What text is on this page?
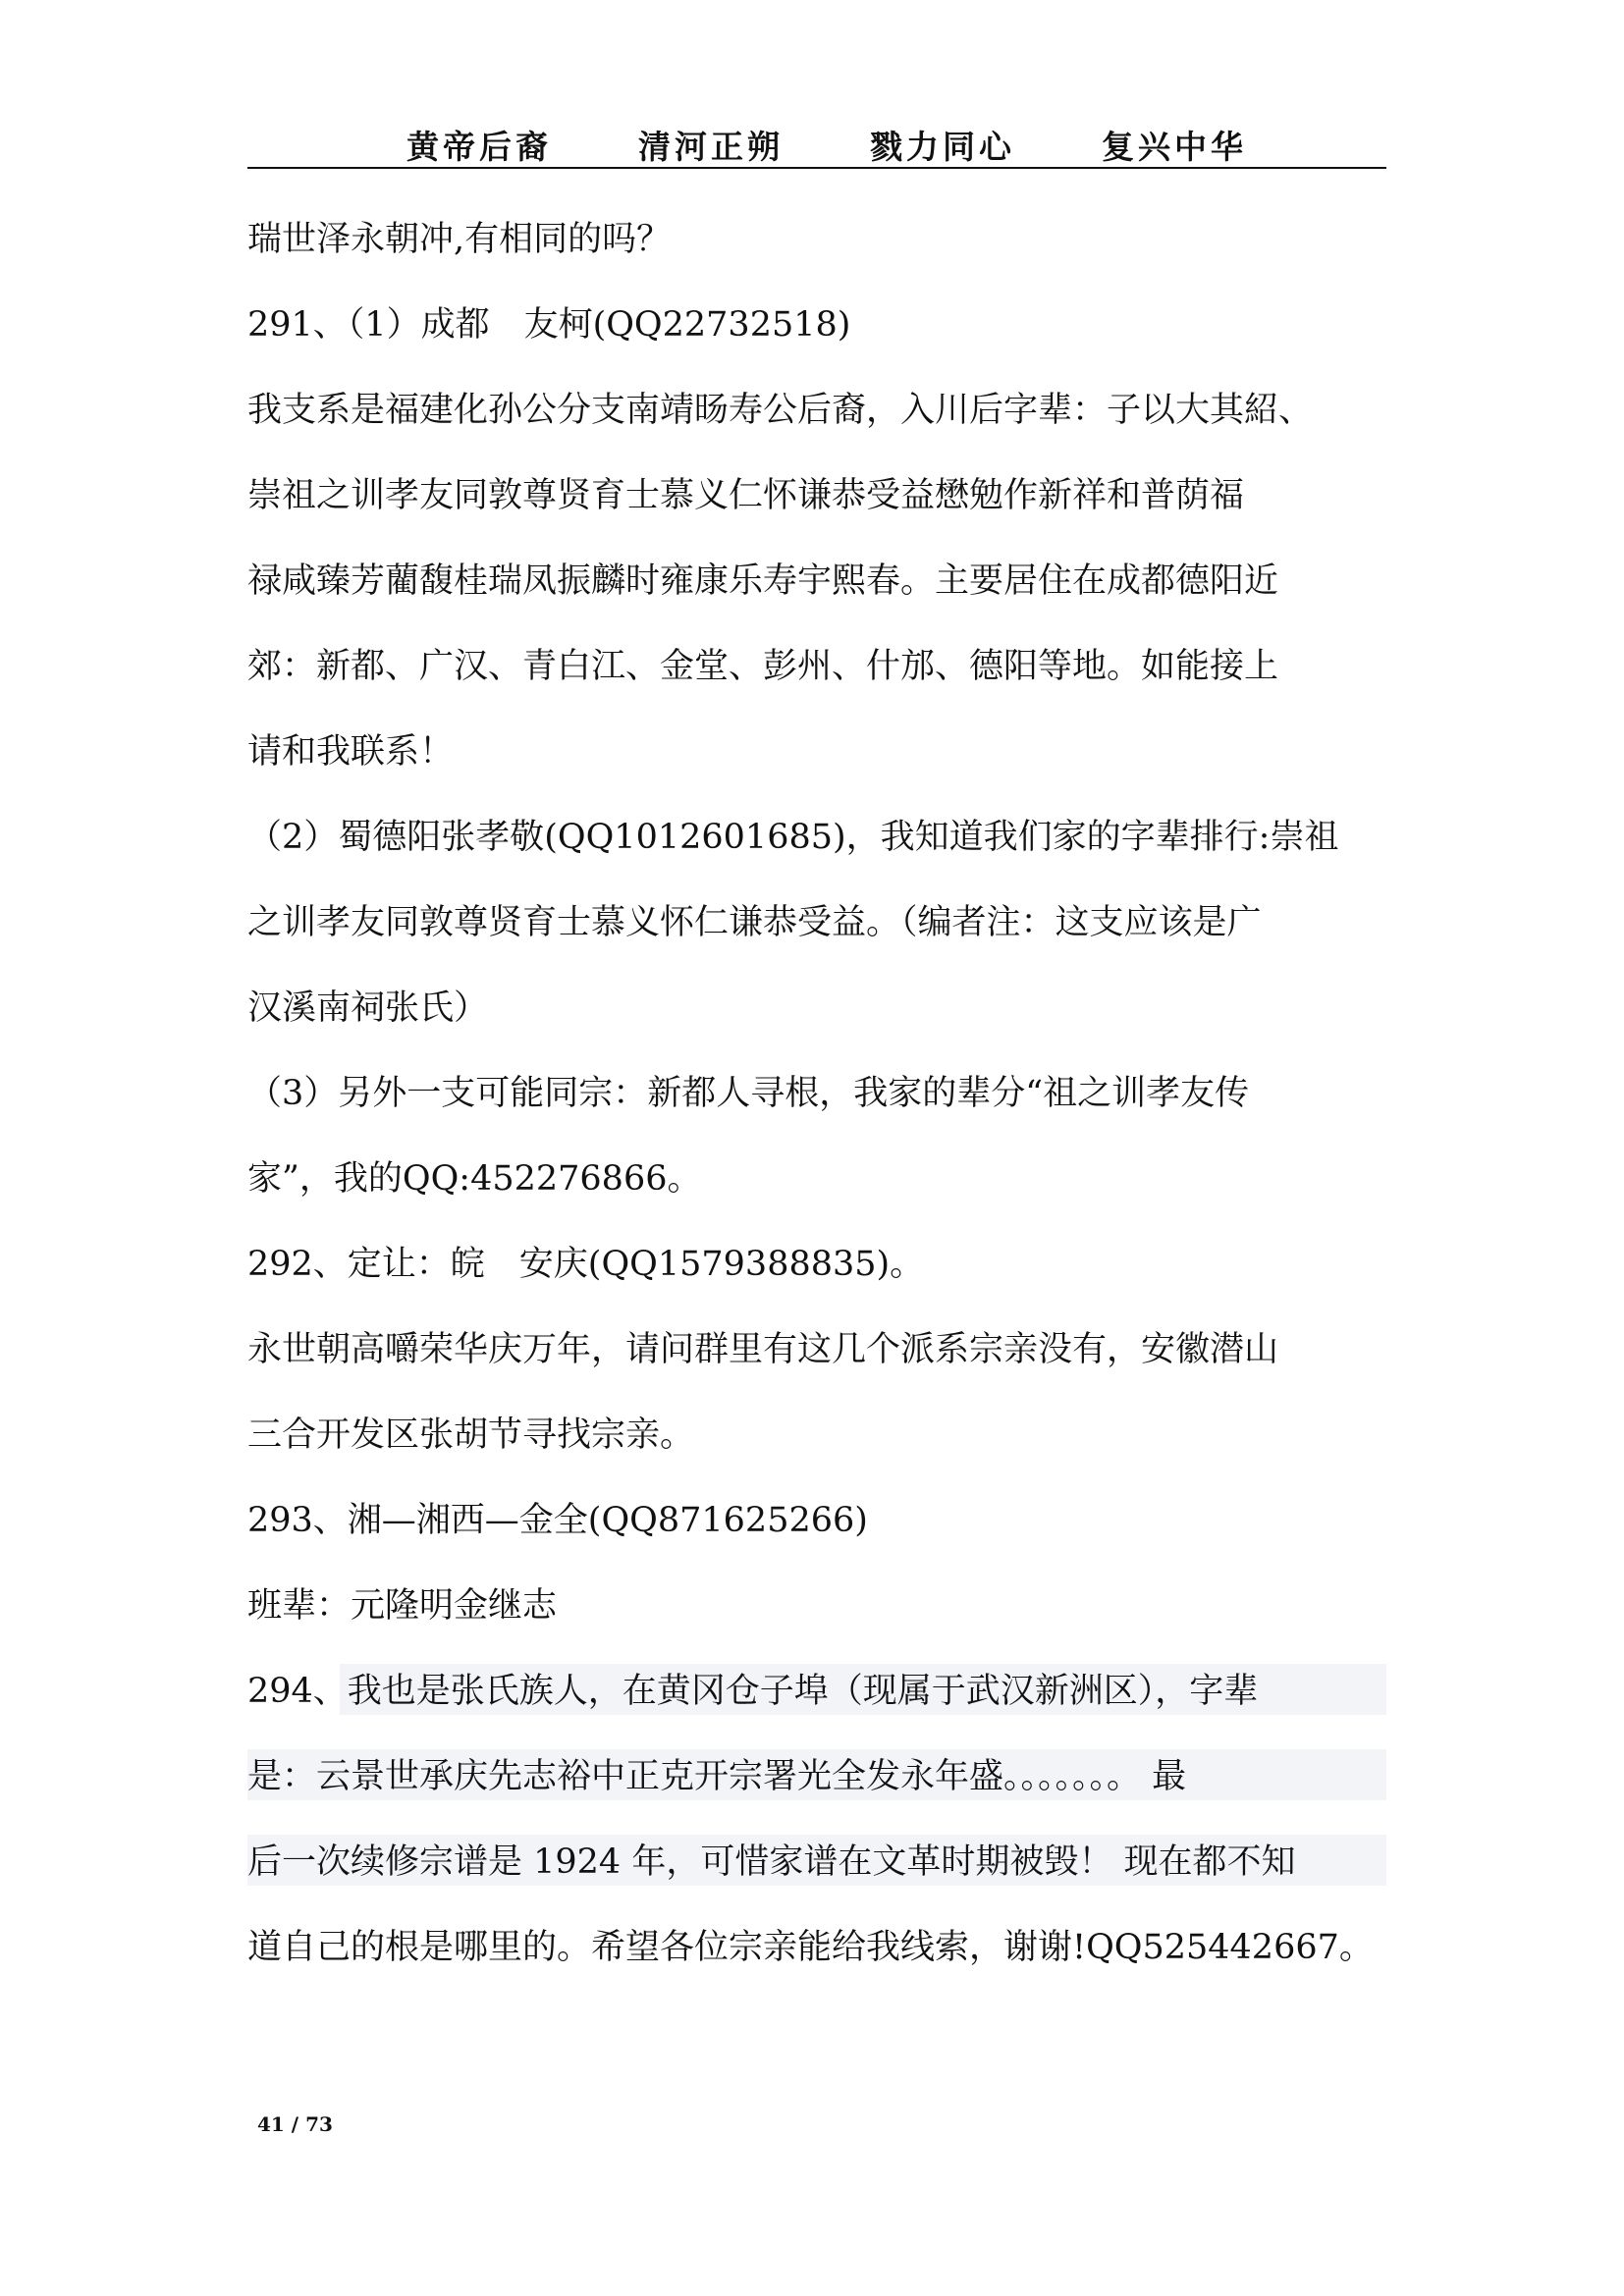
黄帝后裔	清河正朔	戮力同心	复兴中华
瑞世泽永朝冲,有相同的吗？
291、（1）成都　友柯(QQ22732518)
我支系是福建化孙公分支南靖旸寿公后裔，入川后字辈：子以大其紹、
崇祖之训孝友同敦尊贤育士慕义仁怀谦恭受益懋勉作新祥和普荫福
禄咸臻芳藺馥桂瑞凤振麟时雍康乐寿宇熙春。主要居住在成都德阳近
郊：新都、广汉、青白江、金堂、彭州、什邡、德阳等地。如能接上
请和我联系！
（2）蜀德阳张孝敬(QQ1012601685)，我知道我们家的字辈排行:崇祖
之训孝友同敦尊贤育士慕义怀仁谦恭受益。（编者注：这支应该是广
汉溪南祠张氏）
（3）另外一支可能同宗：新都人寻根，我家的辈分“祖之训孝友传
家”，我的QQ:452276866。
292、定让：皖　安庆(QQ1579388835)。
永世朝高嚼荣华庆万年，请问群里有这几个派系宗亲没有，安徽潜山
三合开发区张胡节寻找宗亲。
293、湘—湘西—金全(QQ871625266)
班辈：元隆明金继志
294、我也是张氏族人，在黄冈仓子埠（现属于武汉新洲区），字辈
是：云景世承庆先志裕中正克开宗署光全发永年盛。。。。。。。 最
后一次续修宗谱是 1924 年，可惜家谱在文革时期被毁！ 现在都不知
道自己的根是哪里的。希望各位宗亲能给我线索，谢谢!QQ525442667。
41 / 73
